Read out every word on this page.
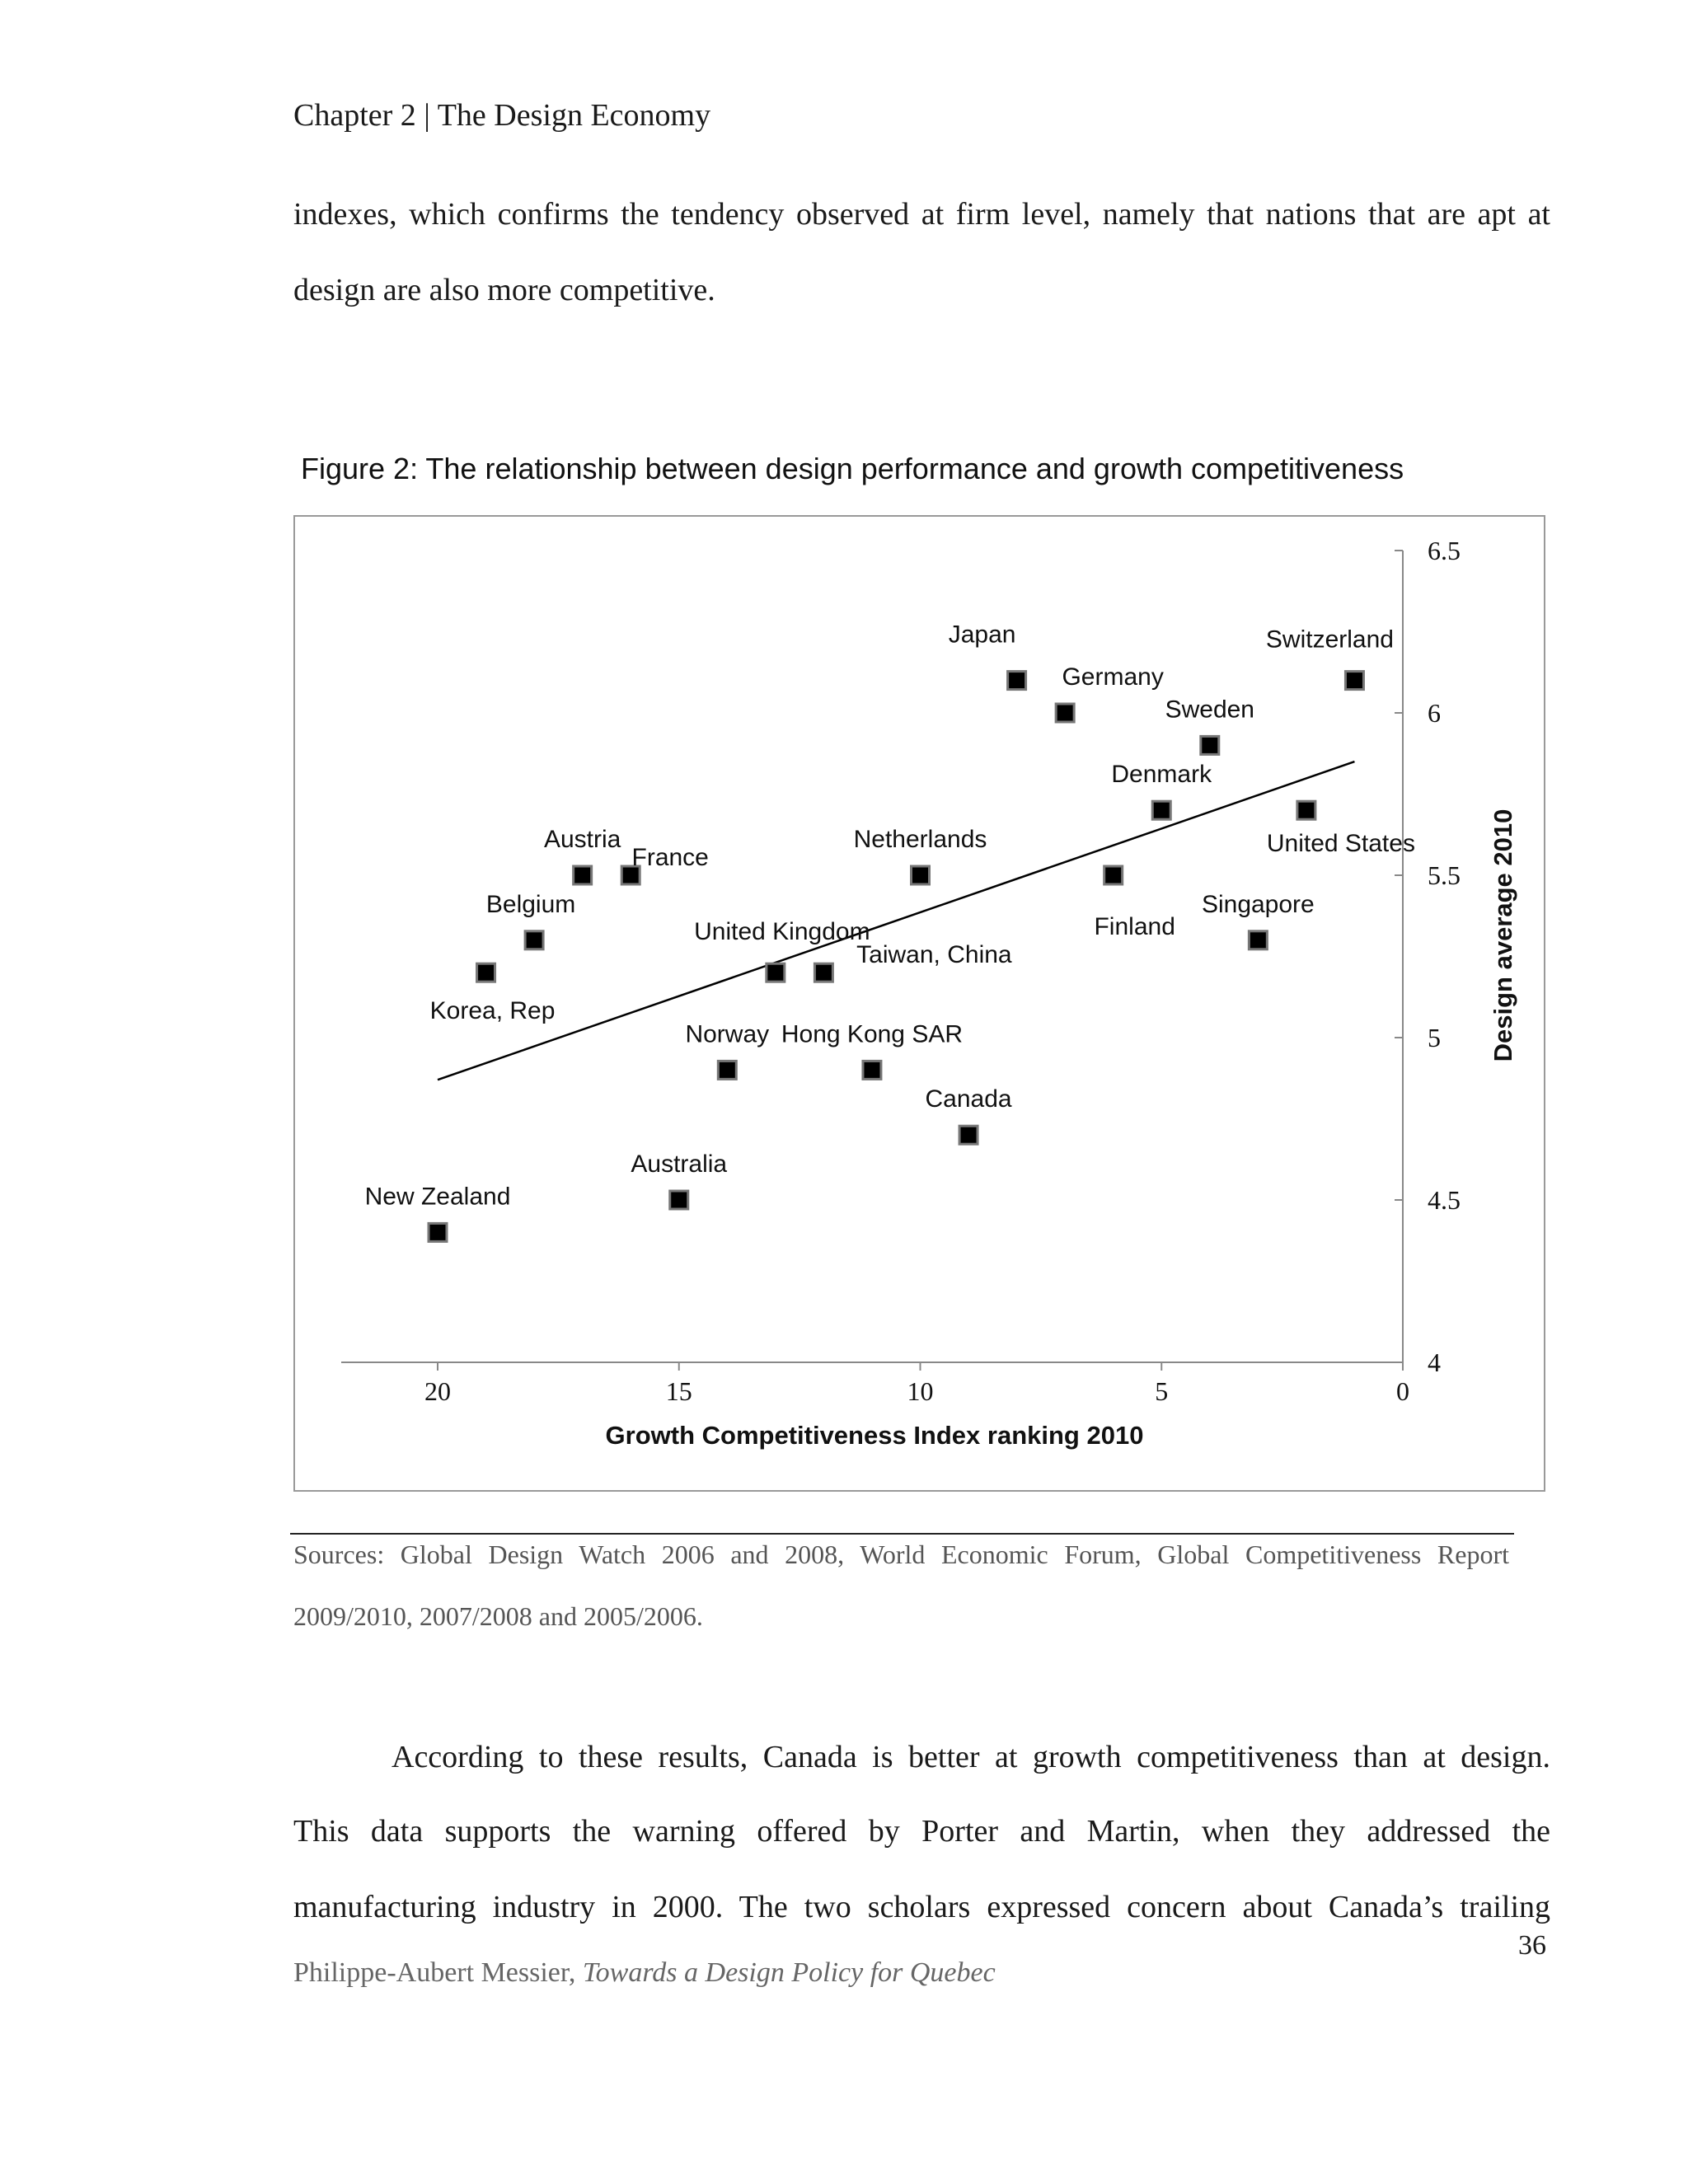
Chapter 2 | The Design Economy
indexes, which confirms the tendency observed at firm level, namely that nations that are apt at
design are also more competitive.
Figure 2: The relationship between design performance and growth competitiveness
20	15	10	5	0
4
4.5
5
5.5
6
6.5
Growth Competitiveness Index ranking 2010
Design average 2010
Switzerland
Japan
Germany
Sweden
Denmark
United States
Finland
Netherlands
Austria
France
Singapore
Belgium
Korea, Rep
United Kingdom
Taiwan, China
Norway Hong Kong SAR
Canada
Australia
New Zealand
Sources: Global Design Watch 2006 and 2008, World Economic Forum, Global Competitiveness Report
2009/2010, 2007/2008 and 2005/2006.
According to these results, Canada is better at growth competitiveness than at design.
This data supports the warning offered by Porter and Martin, when they addressed the
manufacturing industry in 2000. The two scholars expressed concern about Canada’s trailing
36
Philippe-Aubert Messier, Towards a Design Policy for Quebec
